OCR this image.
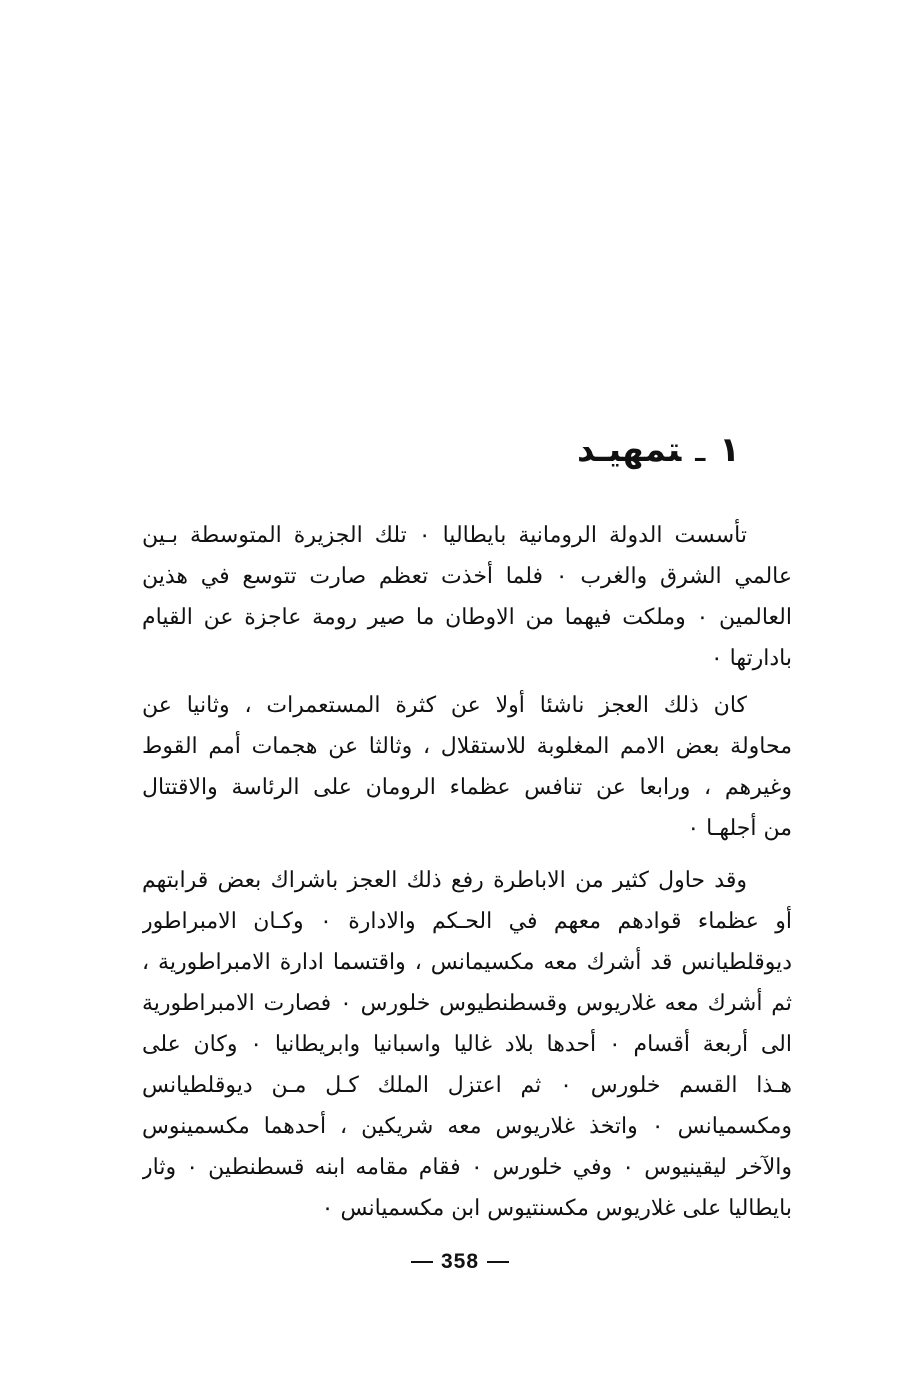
١ـتمهيـد
تأسست الدولة الرومانية بايطاليا ٠ تلك الجزيرة المتوسطة بـين
عالمي الشرق والغرب ٠ فلما أخذت تعظم صارت تتوسع في هذين
العالمين ٠ وملكت فيهما من الاوطان ما صير رومة عاجزة عن القيام
بادارتها ٠
كان ذلك العجز ناشئا أولا عن كثرة المستعمرات ، وثانيا عن
محاولة بعض الامم المغلوبة للاستقلال ، وثالثا عن هجمات أمم القوط
وغيرهم ، ورابعا عن تنافس عظماء الرومان على الرئاسة والاقتتال
من أجلهـا ٠
وقد حاول كثير من الاباطرة رفع ذلك العجز باشراك بعض قرابتهم
أو عظماء قوادهم معهم في الحـكم والادارة ٠ وكـان الامبراطور
ديوقلطيانس قد أشرك معه مكسيمانس ، واقتسما ادارة الامبراطورية ،
ثم أشرك معه غلاريوس وقسطنطيوس خلورس ٠ فصارت الامبراطورية
الى أربعة أقسام ٠ أحدها بلاد غاليا واسبانيا وابريطانيا ٠ وكان على
هـذا القسم خلورس ٠ ثم اعتزل الملك كـل مـن ديوقلطيانس
ومكسميانس ٠ واتخذ غلاريوس معه شريكين ، أحدهما مكسمينوس
والآخر ليقينيوس ٠ وفي خلورس ٠ فقام مقامه ابنه قسطنطين ٠ وثار
بايطاليا على غلاريوس مكسنتيوس ابن مكسميانس ٠
358
